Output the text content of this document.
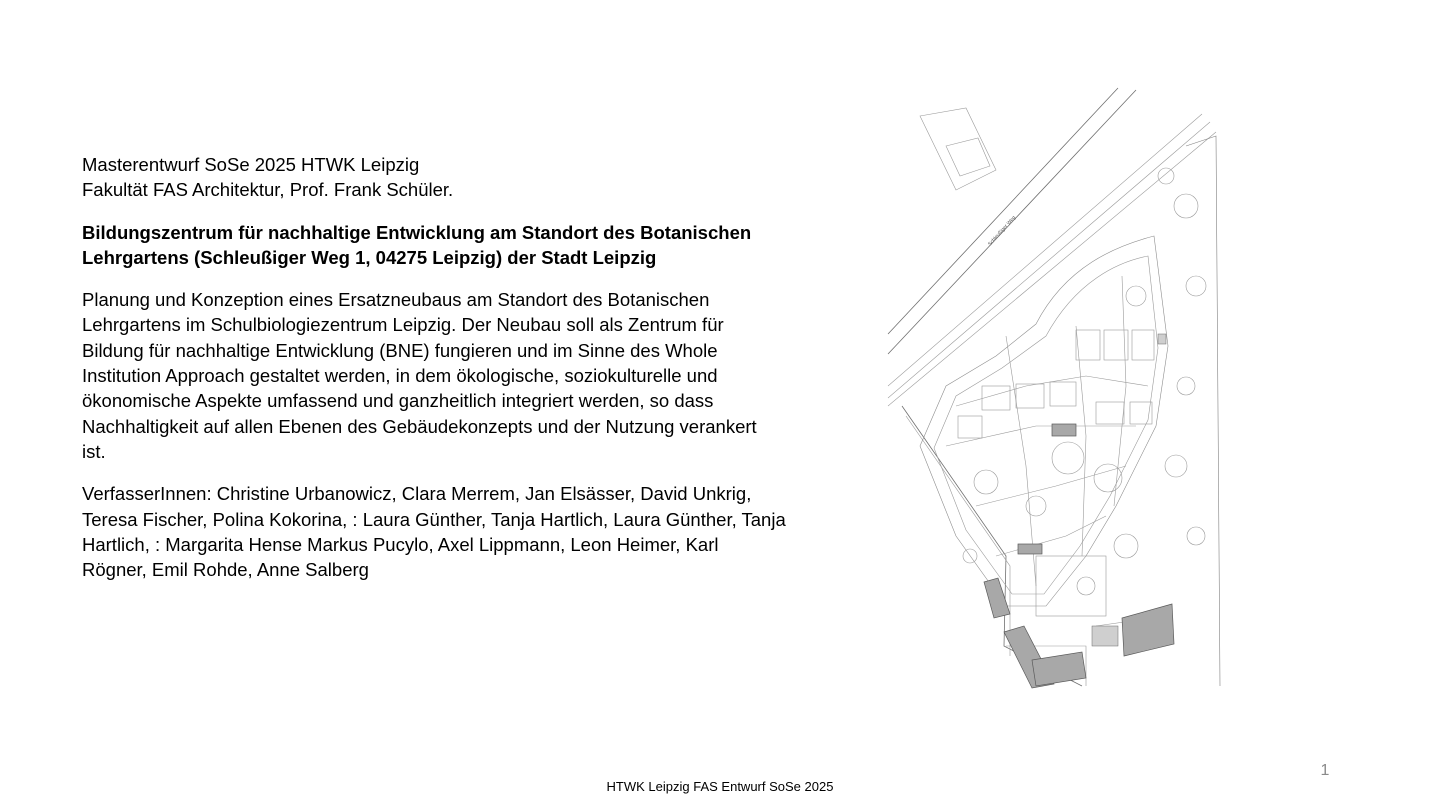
Masterentwurf SoSe 2025 HTWK Leipzig
Fakultät FAS Architektur, Prof. Frank Schüler.

Bildungszentrum für nachhaltige Entwicklung am Standort des Botanischen
Lehrgartens (Schleußiger Weg 1, 04275 Leipzig) der Stadt Leipzig

Planung und Konzeption eines Ersatzneubaus am Standort des Botanischen
Lehrgartens im Schulbiologiezentrum Leipzig. Der Neubau soll als Zentrum für
Bildung für nachhaltige Entwicklung (BNE) fungieren und im Sinne des Whole
Institution Approach gestaltet werden, in dem ökologische, soziokulturelle und
ökonomische Aspekte umfassend und ganzheitlich integriert werden, so dass
Nachhaltigkeit auf allen Ebenen des Gebäudekonzepts und der Nutzung verankert
ist.

VerfasserInnen: Christine Urbanowicz, Clara Merrem, Jan Elsässer, David Unkrig,
Teresa Fischer, Polina Kokorina, : Laura Günther, Tanja Hartlich, Laura Günther, Tanja
Hartlich, : Margarita Hense Markus Pucylo, Axel Lippmann, Leon Heimer, Karl
Rögner, Emil Rohde, Anne Salberg

Schleußiger Weg
1
HTWK Leipzig FAS Entwurf SoSe 2025
